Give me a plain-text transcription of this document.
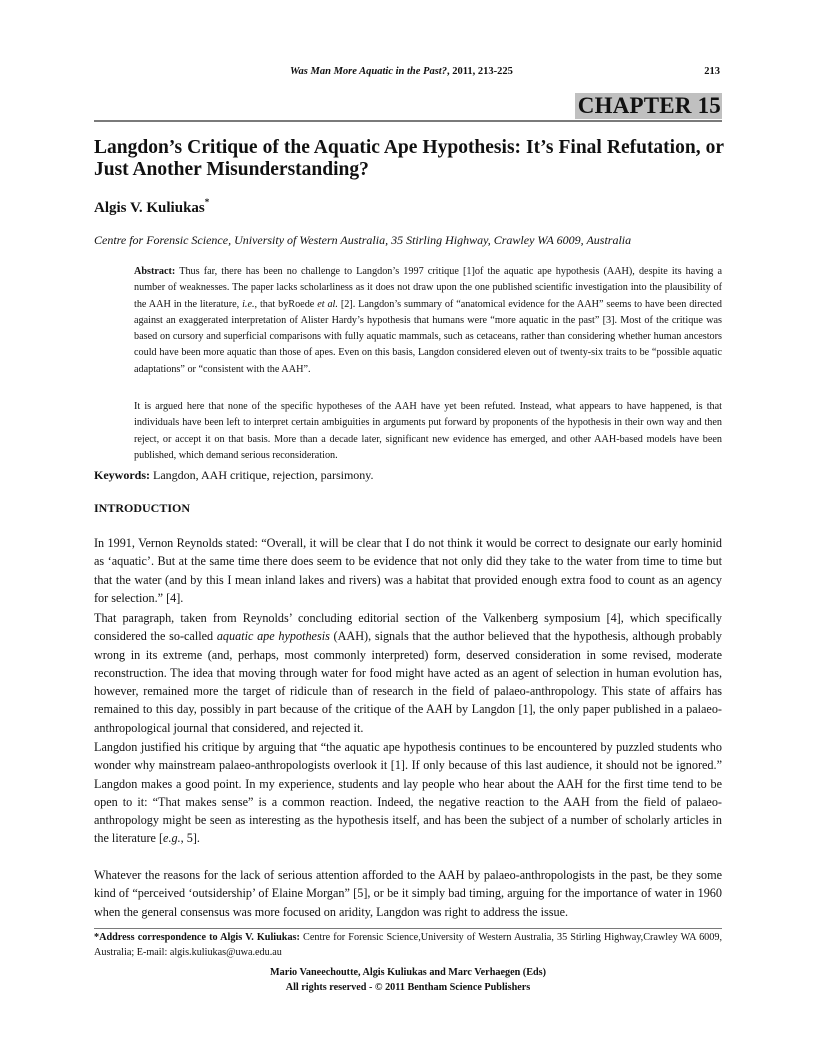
Was Man More Aquatic in the Past?, 2011, 213-225	213
CHAPTER 15
Langdon’s Critique of the Aquatic Ape Hypothesis: It’s Final Refutation, or Just Another Misunderstanding?
Algis V. Kuliukas*
Centre for Forensic Science, University of Western Australia, 35 Stirling Highway, Crawley WA 6009, Australia

Abstract: Thus far, there has been no challenge to Langdon’s 1997 critique [1]of the aquatic ape hypothesis (AAH), despite its having a number of weaknesses. The paper lacks scholarliness as it does not draw upon the one published scientific investigation into the plausibility of the AAH in the literature, i.e., that byRoede et al. [2]. Langdon’s summary of “anatomical evidence for the AAH” seems to have been directed against an exaggerated interpretation of Alister Hardy’s hypothesis that humans were “more aquatic in the past” [3]. Most of the critique was based on cursory and superficial comparisons with fully aquatic mammals, such as cetaceans, rather than considering whether human ancestors could have been more aquatic than those of apes. Even on this basis, Langdon considered eleven out of twenty-six traits to be “possible aquatic adaptations” or “consistent with the AAH”.

It is argued here that none of the specific hypotheses of the AAH have yet been refuted. Instead, what appears to have happened, is that individuals have been left to interpret certain ambiguities in arguments put forward by proponents of the hypothesis in their own way and then reject, or accept it on that basis. More than a decade later, significant new evidence has emerged, and other AAH-based models have been published, which demand serious reconsideration.

Keywords: Langdon, AAH critique, rejection, parsimony.
INTRODUCTION

In 1991, Vernon Reynolds stated: “Overall, it will be clear that I do not think it would be correct to designate our early hominid as ‘aquatic’. But at the same time there does seem to be evidence that not only did they take to the water from time to time but that the water (and by this I mean inland lakes and rivers) was a habitat that provided enough extra food to count as an agency for selection.” [4].

That paragraph, taken from Reynolds’ concluding editorial section of the Valkenberg symposium [4], which specifically considered the so-called aquatic ape hypothesis (AAH), signals that the author believed that the hypothesis, although probably wrong in its extreme (and, perhaps, most commonly interpreted) form, deserved consideration in some revised, moderate reconstruction. The idea that moving through water for food might have acted as an agent of selection in human evolution has, however, remained more the target of ridicule than of research in the field of palaeo-anthropology. This state of affairs has remained to this day, possibly in part because of the critique of the AAH by Langdon [1], the only paper published in a palaeo-anthropological journal that considered, and rejected it.

Langdon justified his critique by arguing that “the aquatic ape hypothesis continues to be encountered by puzzled students who wonder why mainstream palaeo-anthropologists overlook it [1]. If only because of this last audience, it should not be ignored.” Langdon makes a good point. In my experience, students and lay people who hear about the AAH for the first time tend to be open to it: “That makes sense” is a common reaction. Indeed, the negative reaction to the AAH from the field of palaeo-anthropology might be seen as interesting as the hypothesis itself, and has been the subject of a number of scholarly articles in the literature [e.g., 5].

Whatever the reasons for the lack of serious attention afforded to the AAH by palaeo-anthropologists in the past, be they some kind of “perceived ‘outsidership’ of Elaine Morgan” [5], or be it simply bad timing, arguing for the importance of water in 1960 when the general consensus was more focused on aridity, Langdon was right to address the issue.

*Address correspondence to Algis V. Kuliukas: Centre for Forensic Science,University of Western Australia, 35 Stirling Highway,Crawley WA 6009, Australia; E-mail: algis.kuliukas@uwa.edu.au
Mario Vaneechoutte, Algis Kuliukas and Marc Verhaegen (Eds)
All rights reserved - © 2011 Bentham Science Publishers
